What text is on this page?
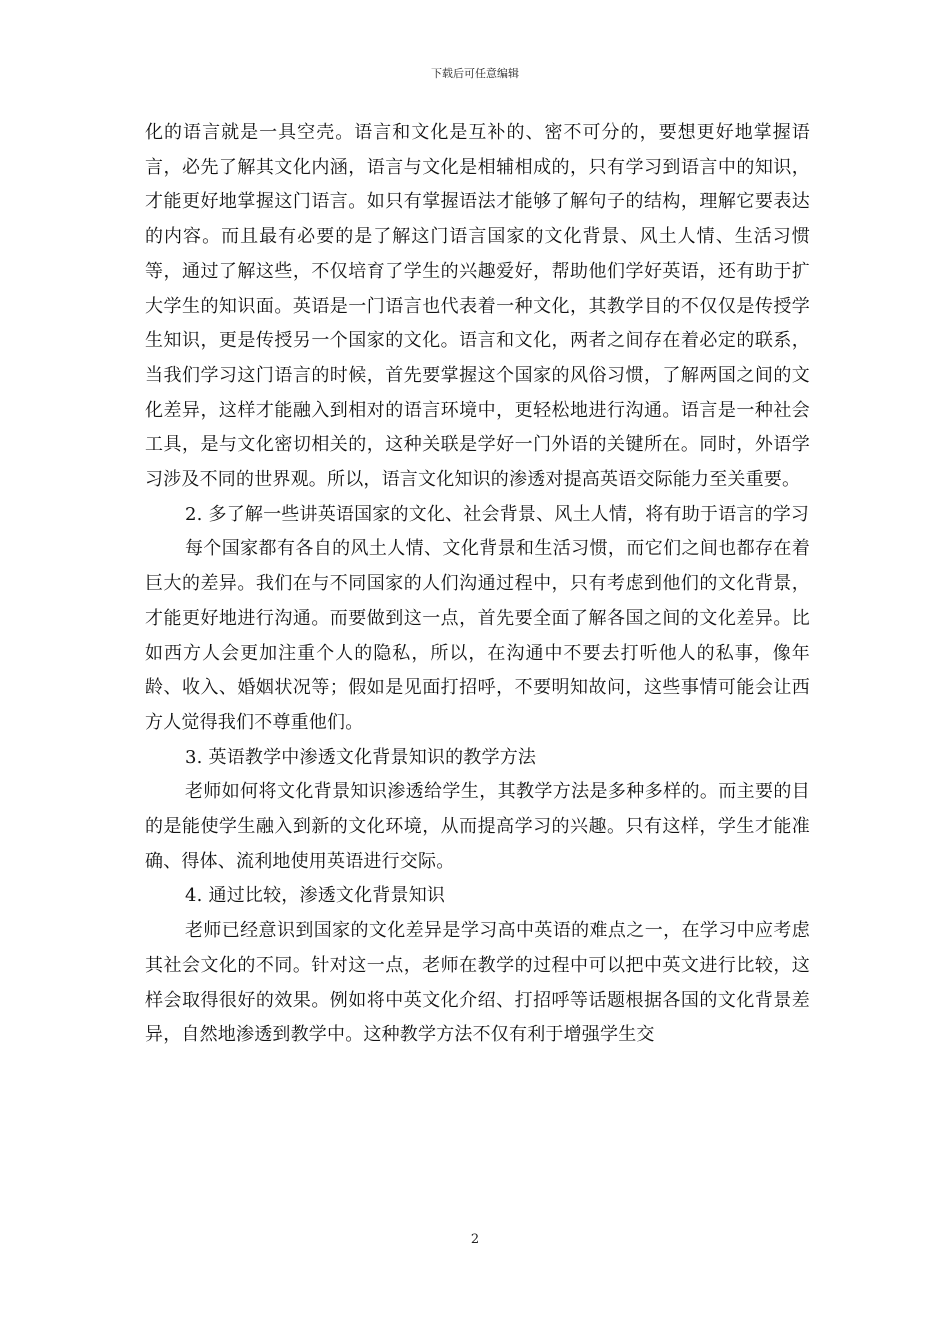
下载后可任意编辑

化的语言就是一具空壳。语言和文化是互补的、密不可分的，要想更好地掌握语言，必先了解其文化内涵，语言与文化是相辅相成的，只有学习到语言中的知识，才能更好地掌握这门语言。如只有掌握语法才能够了解句子的结构，理解它要表达的内容。而且最有必要的是了解这门语言国家的文化背景、风土人情、生活习惯等，通过了解这些，不仅培育了学生的兴趣爱好，帮助他们学好英语，还有助于扩大学生的知识面。英语是一门语言也代表着一种文化，其教学目的不仅仅是传授学生知识，更是传授另一个国家的文化。语言和文化，两者之间存在着必定的联系，当我们学习这门语言的时候，首先要掌握这个国家的风俗习惯，了解两国之间的文化差异，这样才能融入到相对的语言环境中，更轻松地进行沟通。语言是一种社会工具，是与文化密切相关的，这种关联是学好一门外语的关键所在。同时，外语学习涉及不同的世界观。所以，语言文化知识的渗透对提高英语交际能力至关重要。

2. 多了解一些讲英语国家的文化、社会背景、风土人情，将有助于语言的学习

每个国家都有各自的风土人情、文化背景和生活习惯，而它们之间也都存在着巨大的差异。我们在与不同国家的人们沟通过程中，只有考虑到他们的文化背景，才能更好地进行沟通。而要做到这一点，首先要全面了解各国之间的文化差异。比如西方人会更加注重个人的隐私，所以，在沟通中不要去打听他人的私事，像年龄、收入、婚姻状况等；假如是见面打招呼，不要明知故问，这些事情可能会让西方人觉得我们不尊重他们。

3. 英语教学中渗透文化背景知识的教学方法

老师如何将文化背景知识渗透给学生，其教学方法是多种多样的。而主要的目的是能使学生融入到新的文化环境，从而提高学习的兴趣。只有这样，学生才能准确、得体、流利地使用英语进行交际。

4. 通过比较，渗透文化背景知识

老师已经意识到国家的文化差异是学习高中英语的难点之一，在学习中应考虑其社会文化的不同。针对这一点，老师在教学的过程中可以把中英文进行比较，这样会取得很好的效果。例如将中英文化介绍、打招呼等话题根据各国的文化背景差异，自然地渗透到教学中。这种教学方法不仅有利于增强学生交

2
